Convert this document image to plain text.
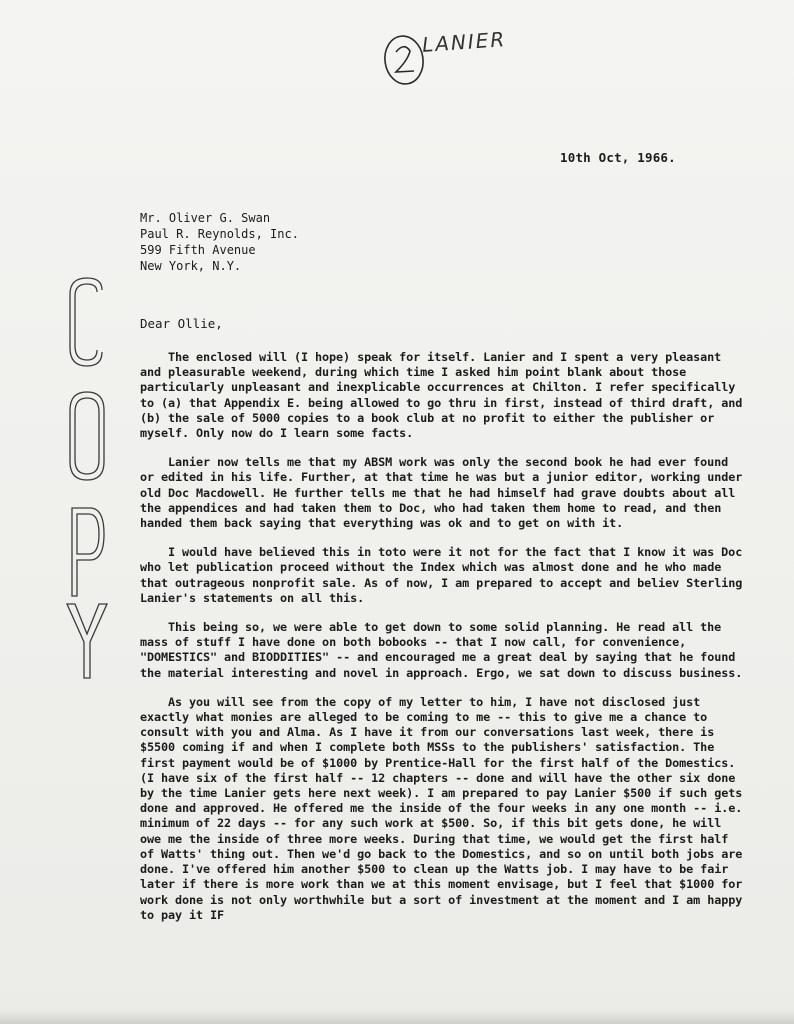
LANIER
10th Oct, 1966.
Mr. Oliver G. Swan
Paul R. Reynolds, Inc.
599 Fifth Avenue
New York, N.Y.
Dear Ollie,

The enclosed will (I hope) speak for itself. Lanier and I spent a very pleasant and pleasurable weekend, during which time I asked him point blank about those particularly unpleasant and inexplicable occurrences at Chilton. I refer specifically to (a) that Appendix E. being allowed to go thru in first, instead of third draft, and (b) the sale of 5000 copies to a book club at no profit to either the publisher or myself. Only now do I learn some facts.

Lanier now tells me that my ABSM work was only the second book he had ever found or edited in his life. Further, at that time he was but a junior editor, working under old Doc Macdowell. He further tells me that he had himself had grave doubts about all the appendices and had taken them to Doc, who had taken them home to read, and then handed them back saying that everything was ok and to get on with it.

I would have believed this in toto were it not for the fact that I know it was Doc who let publication proceed without the Index which was almost done and he who made that outrageous nonprofit sale. As of now, I am prepared to accept and believ Sterling Lanier's statements on all this.

This being so, we were able to get down to some solid planning. He read all the mass of stuff I have done on both bobooks -- that I now call, for convenience, "DOMESTICS" and BIODDITIES" -- and encouraged me a great deal by saying that he found the material interesting and novel in approach. Ergo, we sat down to discuss business.

As you will see from the copy of my letter to him, I have not disclosed just exactly what monies are alleged to be coming to me -- this to give me a chance to consult with you and Alma. As I have it from our conversations last week, there is $5500 coming if and when I complete both MSSs to the publishers' satisfaction. The first payment would be of $1000 by Prentice-Hall for the first half of the Domestics. (I have six of the first half -- 12 chapters -- done and will have the other six done by the time Lanier gets here next week). I am prepared to pay Lanier $500 if such gets done and approved. He offered me the inside of the four weeks in any one month -- i.e. minimum of 22 days -- for any such work at $500. So, if this bit gets done, he will owe me the inside of three more weeks. During that time, we would get the first half of Watts' thing out. Then we'd go back to the Domestics, and so on until both jobs are done. I've offered him another $500 to clean up the Watts job. I may have to be fair later if there is more work than we at this moment envisage, but I feel that $1000 for work done is not only worthwhile but a sort of investment at the moment and I am happy to pay it IF
